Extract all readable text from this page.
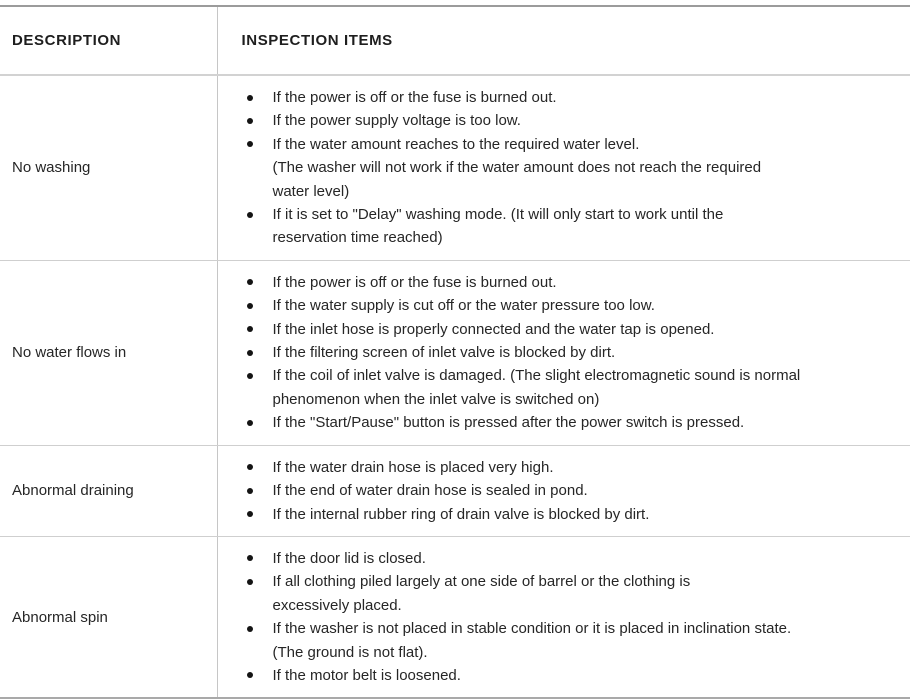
DESCRIPTION	INSPECTION ITEMS
No washing	
If the power is off or the fuse is burned out.
If the power supply voltage is too low.
If the water amount reaches to the required water level.
(The washer will not work if the water amount does not reach the required
water level)
If it is set to "Delay" washing mode. (It will only start to work until the
reservation time reached)

No water flows in	
If the power is off or the fuse is burned out.
If the water supply is cut off or the water pressure too low.
If the inlet hose is properly connected and the water tap is opened.
If the filtering screen of inlet valve is blocked by dirt.
If the coil of inlet valve is damaged. (The slight electromagnetic sound is normal
phenomenon when the inlet valve is switched on)
If the "Start/Pause" button is pressed after the power switch is pressed.

Abnormal draining	
If the water drain hose is placed very high.
If the end of water drain hose is sealed in pond.
If the internal rubber ring of drain valve is blocked by dirt.

Abnormal spin	
If the door lid is closed.
If all clothing piled largely at one side of barrel or the clothing is
excessively placed.
If the washer is not placed in stable condition or it is placed in inclination state.
(The ground is not flat).
If the motor belt is loosened.
